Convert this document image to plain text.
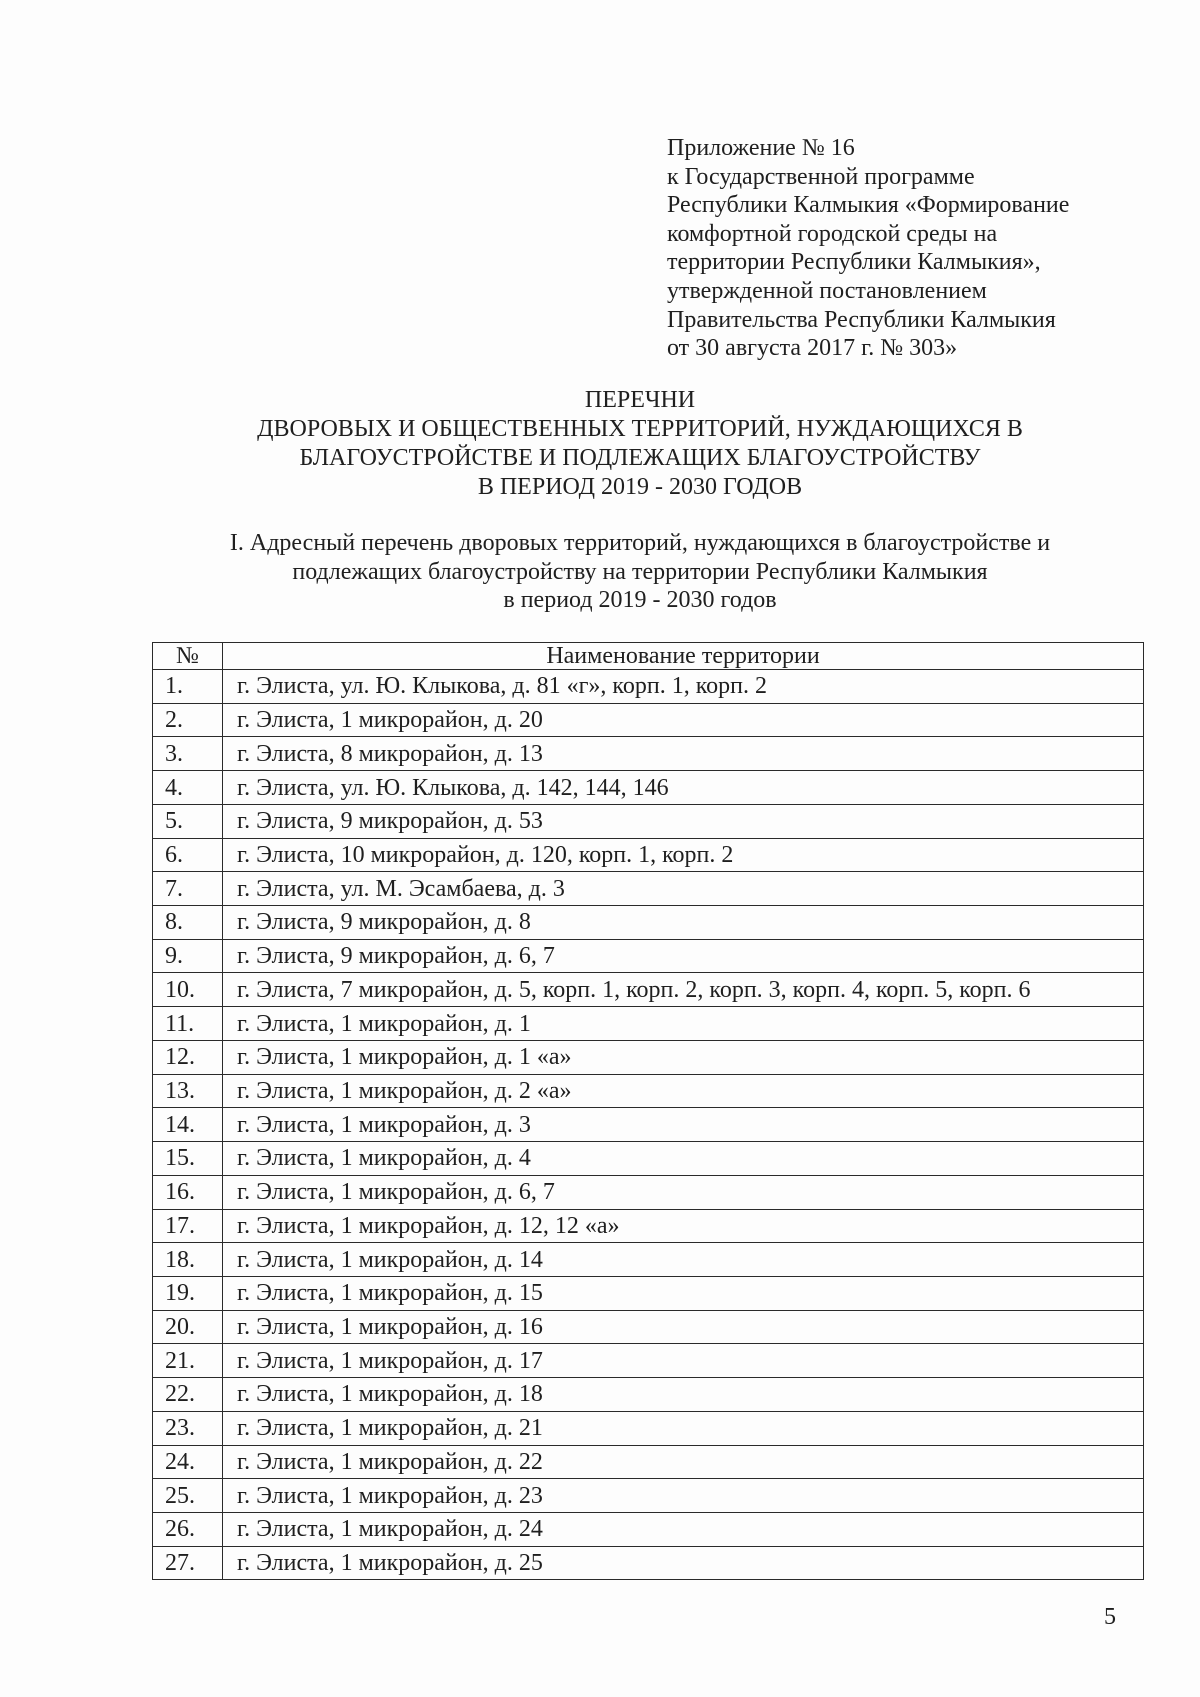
Приложение № 16
к Государственной программе
Республики Калмыкия «Формирование
комфортной городской среды на
территории Республики Калмыкия»,
утвержденной постановлением
Правительства Республики Калмыкия
от 30 августа 2017 г. № 303»
ПЕРЕЧНИ
ДВОРОВЫХ И ОБЩЕСТВЕННЫХ ТЕРРИТОРИЙ, НУЖДАЮЩИХСЯ В
БЛАГОУСТРОЙСТВЕ И ПОДЛЕЖАЩИХ БЛАГОУСТРОЙСТВУ
В ПЕРИОД 2019 - 2030 ГОДОВ
I. Адресный перечень дворовых территорий, нуждающихся в благоустройстве и
подлежащих благоустройству на территории Республики Калмыкия
в период 2019 - 2030 годов
№	Наименование территории
1.	г. Элиста, ул. Ю. Клыкова, д. 81 «г», корп. 1, корп. 2
2.	г. Элиста, 1 микрорайон, д. 20
3.	г. Элиста, 8 микрорайон, д. 13
4.	г. Элиста, ул. Ю. Клыкова, д. 142, 144, 146
5.	г. Элиста, 9 микрорайон, д. 53
6.	г. Элиста, 10 микрорайон, д. 120, корп. 1, корп. 2
7.	г. Элиста, ул. М. Эсамбаева, д. 3
8.	г. Элиста, 9 микрорайон, д. 8
9.	г. Элиста, 9 микрорайон, д. 6, 7
10.	г. Элиста, 7 микрорайон, д. 5, корп. 1, корп. 2, корп. 3, корп. 4, корп. 5, корп. 6
11.	г. Элиста, 1 микрорайон, д. 1
12.	г. Элиста, 1 микрорайон, д. 1 «а»
13.	г. Элиста, 1 микрорайон, д. 2 «а»
14.	г. Элиста, 1 микрорайон, д. 3
15.	г. Элиста, 1 микрорайон, д. 4
16.	г. Элиста, 1 микрорайон, д. 6, 7
17.	г. Элиста, 1 микрорайон, д. 12, 12 «а»
18.	г. Элиста, 1 микрорайон, д. 14
19.	г. Элиста, 1 микрорайон, д. 15
20.	г. Элиста, 1 микрорайон, д. 16
21.	г. Элиста, 1 микрорайон, д. 17
22.	г. Элиста, 1 микрорайон, д. 18
23.	г. Элиста, 1 микрорайон, д. 21
24.	г. Элиста, 1 микрорайон, д. 22
25.	г. Элиста, 1 микрорайон, д. 23
26.	г. Элиста, 1 микрорайон, д. 24
27.	г. Элиста, 1 микрорайон, д. 25
5
